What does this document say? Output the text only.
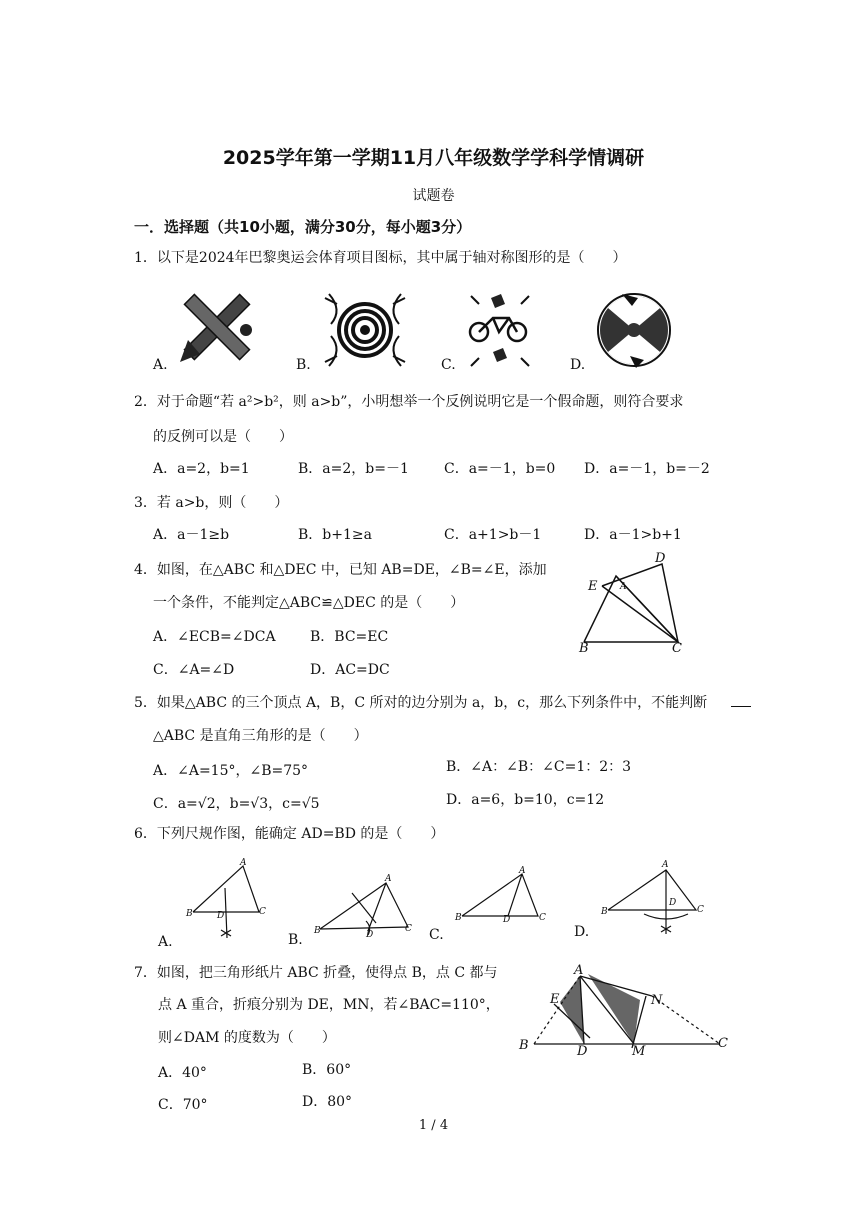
2025学年第一学期11月八年级数学学科学情调研
试题卷
一．选择题（共10小题，满分30分，每小题3分）
1．以下是2024年巴黎奥运会体育项目图标，其中属于轴对称图形的是（　　）
A.	B.	C.	D.
2．对于命题“若 a²>b²，则 a>b”，小明想举一个反例说明它是一个假命题，则符合要求
的反例可以是（　　）
A．a=2，b=1	B．a=2，b=－1	C．a=－1，b=0 D．a=－1，b=－2
3．若 a>b，则（　　）
A．a－1≥b	B．b+1≥a	C．a+1>b－1	D．a－1>b+1
4．如图，在△ABC 和△DEC 中，已知 AB=DE，∠B=∠E，添加
一个条件，不能判定△ABC≌△DEC 的是（　　）
A．∠ECB=∠DCA B．BC=EC
C．∠A=∠D	D．AC=DC
D
E	A
B	C
5．如果△ABC 的三个顶点 A，B，C 所对的边分别为 a，b，c，那么下列条件中，不能判断
△ABC 是直角三角形的是（　　）
A．∠A=15°，∠B=75°	B．∠A：∠B：∠C=1：2：3
C．a=√2，b=√3，c=√5	D．a=6，b=10，c=12
6．下列尺规作图，能确定 AD=BD 的是（　　）
A
B	C
D
A.
A
B	C
D
B.
A
B	C
D
C.
A
B	C
D
D.
7．如图，把三角形纸片 ABC 折叠，使得点 B，点 C 都与
点 A 重合，折痕分别为 DE，MN，若∠BAC=110°，
则∠DAM 的度数为（　　）
A．40°	B．60°
C．70°	D．80°
A
E	N
B	D	M
C
1 / 4
